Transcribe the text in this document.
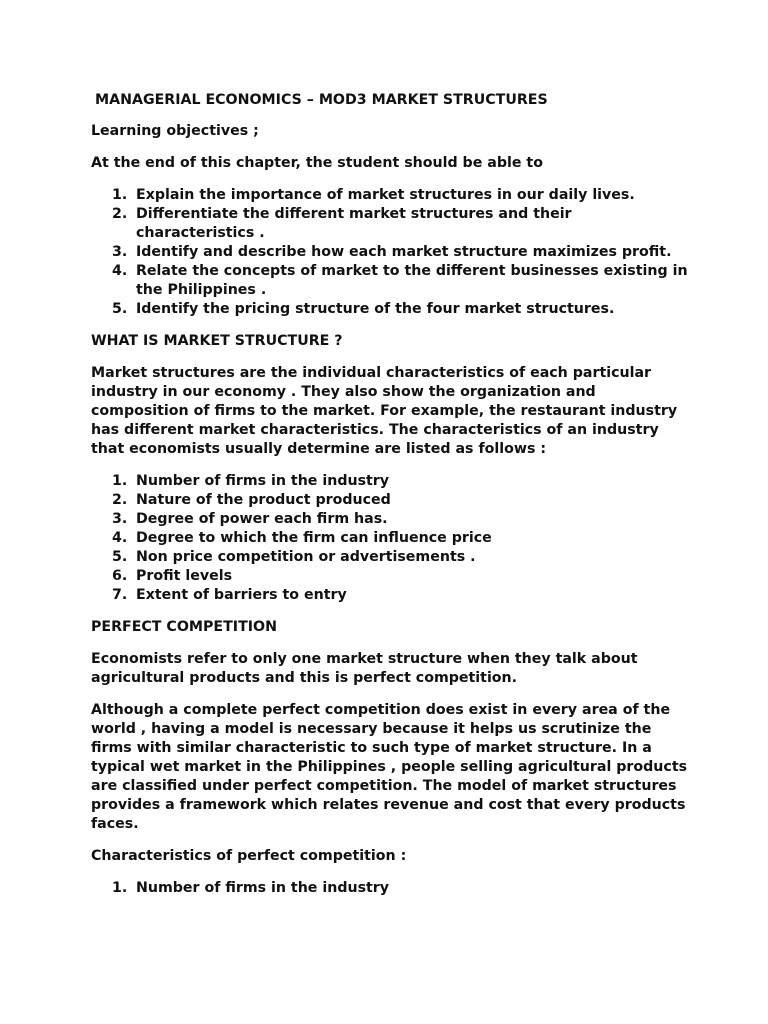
MANAGERIAL ECONOMICS – MOD3 MARKET STRUCTURES

Learning objectives ;

At the end of this chapter, the student should be able to

1. Explain the importance of market structures in our daily lives.
2. Differentiate the different market structures and their characteristics .
3. Identify and describe how each market structure maximizes profit.
4. Relate the concepts of market to the different businesses existing in the Philippines .
5. Identify the pricing structure of the four market structures.

WHAT IS MARKET STRUCTURE ?

Market structures are the individual characteristics of each particular industry in our economy . They also show the organization and composition of firms to the market. For example, the restaurant industry has different market characteristics. The characteristics of an industry that economists usually determine are listed as follows :

1. Number of firms in the industry
2. Nature of the product produced
3. Degree of power each firm has.
4. Degree to which the firm can influence price
5. Non price competition or advertisements .
6. Profit levels
7. Extent of barriers to entry

PERFECT COMPETITION

Economists refer to only one market structure when they talk about agricultural products and this is perfect competition.

Although a complete perfect competition does exist in every area of the world , having a model is necessary because it helps us scrutinize the firms with similar characteristic to such type of market structure. In a typical wet market in the Philippines , people selling agricultural products are classified under perfect competition. The model of market structures provides a framework which relates revenue and cost that every products faces.

Characteristics of perfect competition :

1. Number of firms in the industry
